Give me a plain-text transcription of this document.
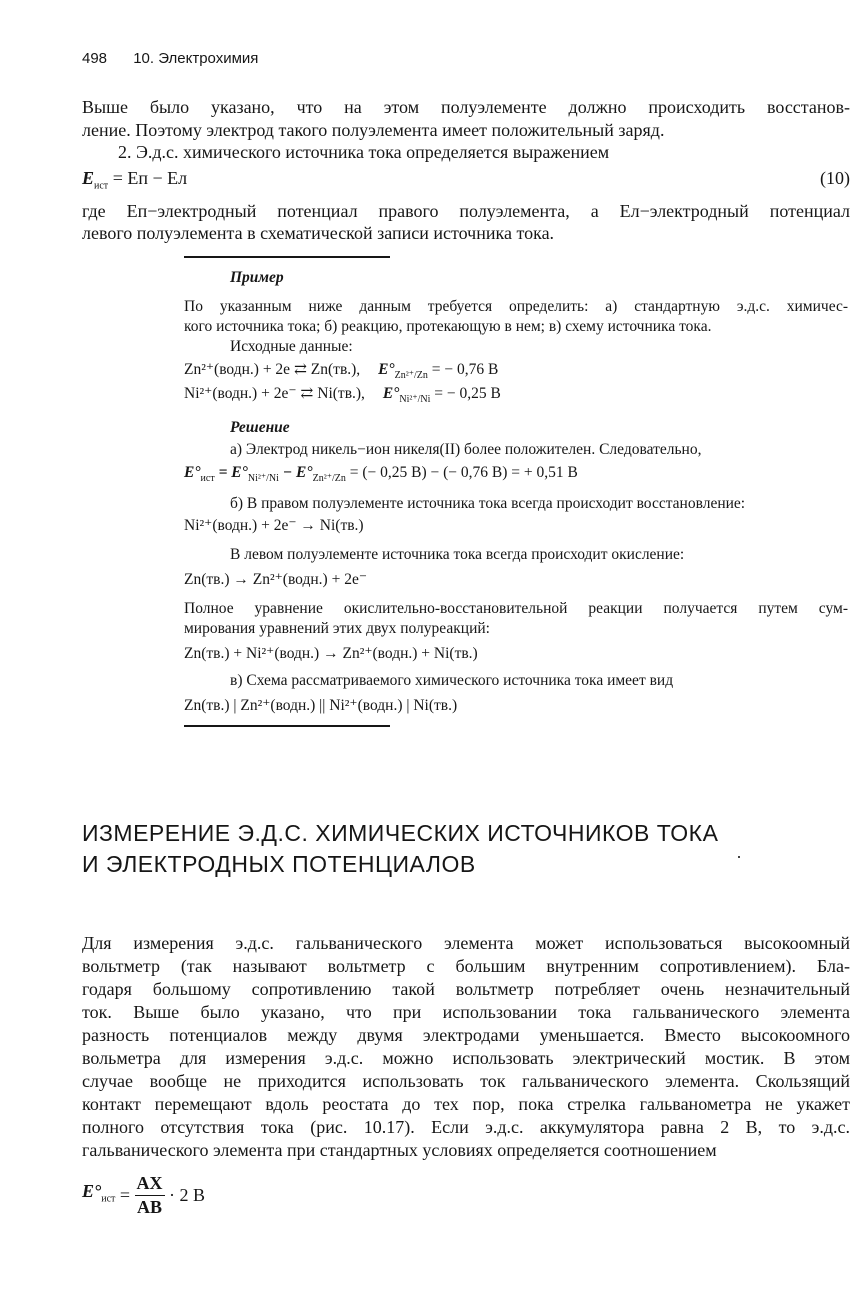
498 10. Электрохимия
Выше было указано, что на этом полуэлементе должно происходить восстанов-
ление. Поэтому электрод такого полуэлемента имеет положительный заряд.
2. Э.д.с. химического источника тока определяется выражением
$E_{ист}$ = Eп − Eл	(10)
где Eп−электродный потенциал правого полуэлемента, а Eл−электродный потенциал
левого полуэлемента в схематической записи источника тока.
Пример
По указанным ниже данным требуется определить: а) стандартную э.д.с. химичес-
кого источника тока; б) реакцию, протекающую в нем; в) схему источника тока.
Исходные данные:
Zn²⁺(водн.) + 2e ⇄ Zn(тв.), $E^\circ_{Zn^{2+}/Zn}$ = − 0,76 B
Ni²⁺(водн.) + 2e⁻ ⇄ Ni(тв.), $E^\circ_{Ni^{2+}/Ni}$ = − 0,25 B
Решение
а) Электрод никель−ион никеля(II) более положителен. Следовательно,
$E^\circ_{ист} = E^\circ_{Ni^{2+}/Ni} - E^\circ_{Zn^{2+}/Zn}$ = (− 0,25 B) − (− 0,76 B) = + 0,51 B
б) В правом полуэлементе источника тока всегда происходит восстановление:
Ni²⁺(водн.) + 2e⁻ → Ni(тв.)
В левом полуэлементе источника тока всегда происходит окисление:
Zn(тв.) → Zn²⁺(водн.) + 2e⁻
Полное уравнение окислительно-восстановительной реакции получается путем сум-
мирования уравнений этих двух полуреакций:
Zn(тв.) + Ni²⁺(водн.) → Zn²⁺(водн.) + Ni(тв.)
в) Схема рассматриваемого химического источника тока имеет вид
Zn(тв.) | Zn²⁺(водн.) || Ni²⁺(водн.) | Ni(тв.)
ИЗМЕРЕНИЕ Э.Д.С. ХИМИЧЕСКИХ ИСТОЧНИКОВ ТОКА
И ЭЛЕКТРОДНЫХ ПОТЕНЦИАЛОВ
Для измерения э.д.с. гальванического элемента может использоваться высокоомный
вольтметр (так называют вольтметр с большим внутренним сопротивлением). Бла-
годаря большому сопротивлению такой вольтметр потребляет очень незначительный
ток. Выше было указано, что при использовании тока гальванического элемента
разность потенциалов между двумя электродами уменьшается. Вместо высокоомного
вольметра для измерения э.д.с. можно использовать электрический мостик. В этом
случае вообще не приходится использовать ток гальванического элемента. Скользящий
контакт перемещают вдоль реостата до тех пор, пока стрелка гальванометра не укажет
полного отсутствия тока (рис. 10.17). Если э.д.с. аккумулятора равна 2 В, то э.д.с.
гальванического элемента при стандартных условиях определяется соотношением
$E^\circ_{ист} = \frac{AX}{AB} \cdot 2$ B
